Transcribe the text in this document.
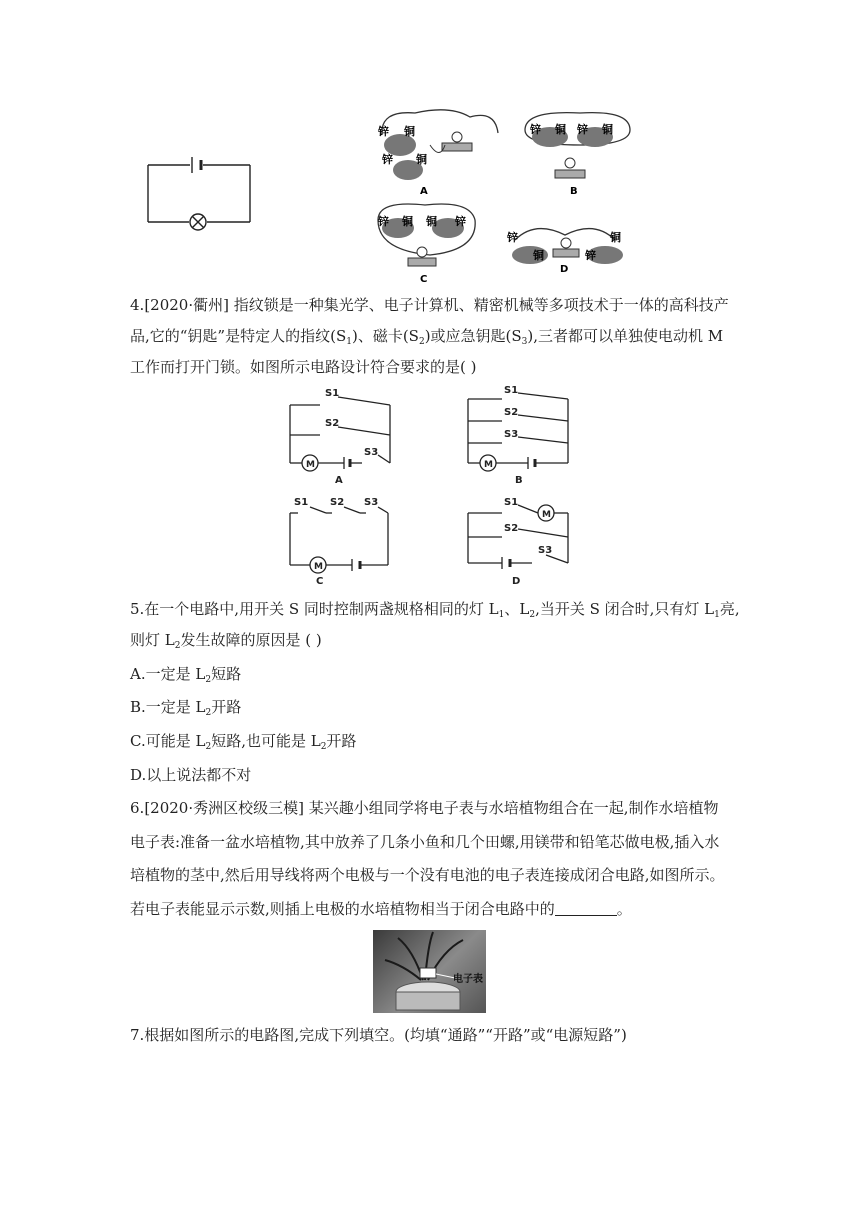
锌 铜
锌 铜
A
锌 铜 锌 铜
B
锌 铜 铜 锌
C
锌
铜	锌
铜
D
4.[2020·衢州] 指纹锁是一种集光学、电子计算机、精密机械等多项技术于一体的高科技产
品,它的“钥匙”是特定人的指纹$(S_1)$、磁卡$(S_2)$或应急钥匙$(S_3)$,三者都可以单独使电动机 M
工作而打开门锁。如图所示电路设计符合要求的是( )
S1
S2
S3
M
A
S1
S2
S3
M
B
S1 S2 S3
M
C
S1
M
S2
S3
D
5.在一个电路中,用开关 S 同时控制两盏规格相同的灯 $L_1$、$L_2$,当开关 S 闭合时,只有灯 $L_1$亮,
则灯 $L_2$发生故障的原因是 ( )
A.一定是 $L_2$短路
B.一定是 $L_2$开路
C.可能是 $L_2$短路,也可能是 $L_2$开路
D.以上说法都不对
6.[2020·秀洲区校级三模] 某兴趣小组同学将电子表与水培植物组合在一起,制作水培植物
电子表:准备一盆水培植物,其中放养了几条小鱼和几个田螺,用镁带和铅笔芯做电极,插入水
培植物的茎中,然后用导线将两个电极与一个没有电池的电子表连接成闭合电路,如图所示。
若电子表能显示示数,则插上电极的水培植物相当于闭合电路中的	。
电子表
7.根据如图所示的电路图,完成下列填空。(均填“通路”“开路”或“电源短路”)
